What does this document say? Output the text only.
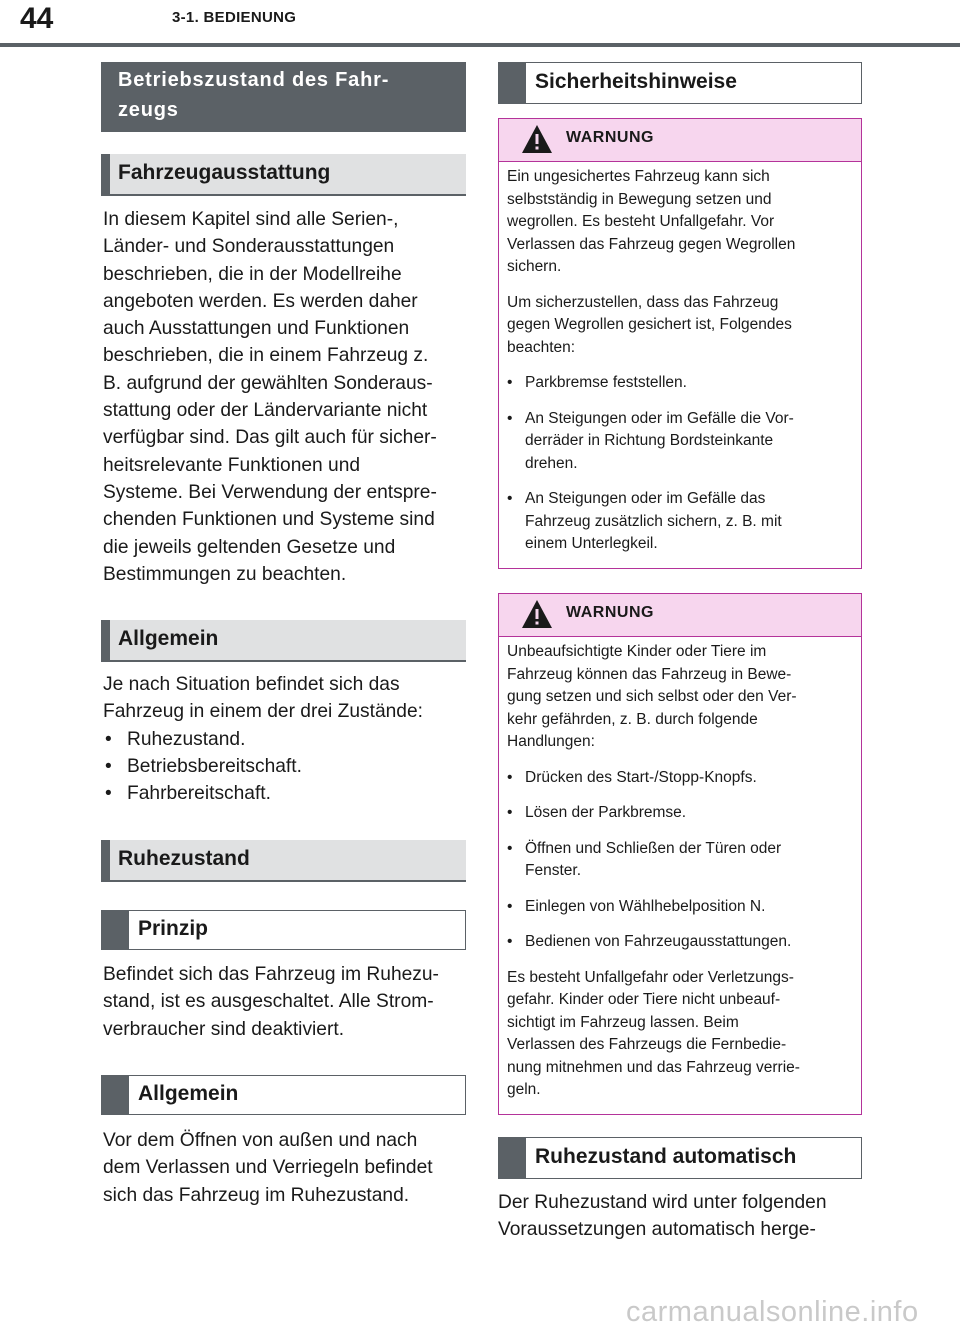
44	3-1. BEDIENUNG
Betriebszustand des Fahr-
zeugs
Fahrzeugausstattung

In diesem Kapitel sind alle Serien-,

Länder- und Sonderausstattungen

beschrieben, die in der Modellreihe

angeboten werden. Es werden daher

auch Ausstattungen und Funktionen

beschrieben, die in einem Fahrzeug z.

B. aufgrund der gewählten Sonderaus-

stattung oder der Ländervariante nicht

verfügbar sind. Das gilt auch für sicher-

heitsrelevante Funktionen und

Systeme. Bei Verwendung der entspre-

chenden Funktionen und Systeme sind

die jeweils geltenden Gesetze und

Bestimmungen zu beachten.

Allgemein

Je nach Situation befindet sich das

Fahrzeug in einem der drei Zustände:

• Ruhezustand.

• Betriebsbereitschaft.

• Fahrbereitschaft.

Ruhezustand
Prinzip

Befindet sich das Fahrzeug im Ruhezu-

stand, ist es ausgeschaltet. Alle Strom-

verbraucher sind deaktiviert.

Allgemein

Vor dem Öffnen von außen und nach

dem Verlassen und Verriegeln befindet

sich das Fahrzeug im Ruhezustand.

Sicherheitshinweise
WARNUNG

Ein ungesichertes Fahrzeug kann sich
selbstständig in Bewegung setzen und
wegrollen. Es besteht Unfallgefahr. Vor
Verlassen das Fahrzeug gegen Wegrollen
sichern.

Um sicherzustellen, dass das Fahrzeug
gegen Wegrollen gesichert ist, Folgendes
beachten:

• Parkbremse feststellen.

• An Steigungen oder im Gefälle die Vor-
derräder in Richtung Bordsteinkante
drehen.

• An Steigungen oder im Gefälle das
Fahrzeug zusätzlich sichern, z. B. mit
einem Unterlegkeil.

WARNUNG

Unbeaufsichtigte Kinder oder Tiere im
Fahrzeug können das Fahrzeug in Bewe-
gung setzen und sich selbst oder den Ver-
kehr gefährden, z. B. durch folgende
Handlungen:

• Drücken des Start-/Stopp-Knopfs.

• Lösen der Parkbremse.

• Öffnen und Schließen der Türen oder
Fenster.

• Einlegen von Wählhebelposition N.

• Bedienen von Fahrzeugausstattungen.

Es besteht Unfallgefahr oder Verletzungs-
gefahr. Kinder oder Tiere nicht unbeauf-
sichtigt im Fahrzeug lassen. Beim
Verlassen des Fahrzeugs die Fernbedie-
nung mitnehmen und das Fahrzeug verrie-
geln.

Ruhezustand automatisch

Der Ruhezustand wird unter folgenden

Voraussetzungen automatisch herge-

carmanualsonline.info
